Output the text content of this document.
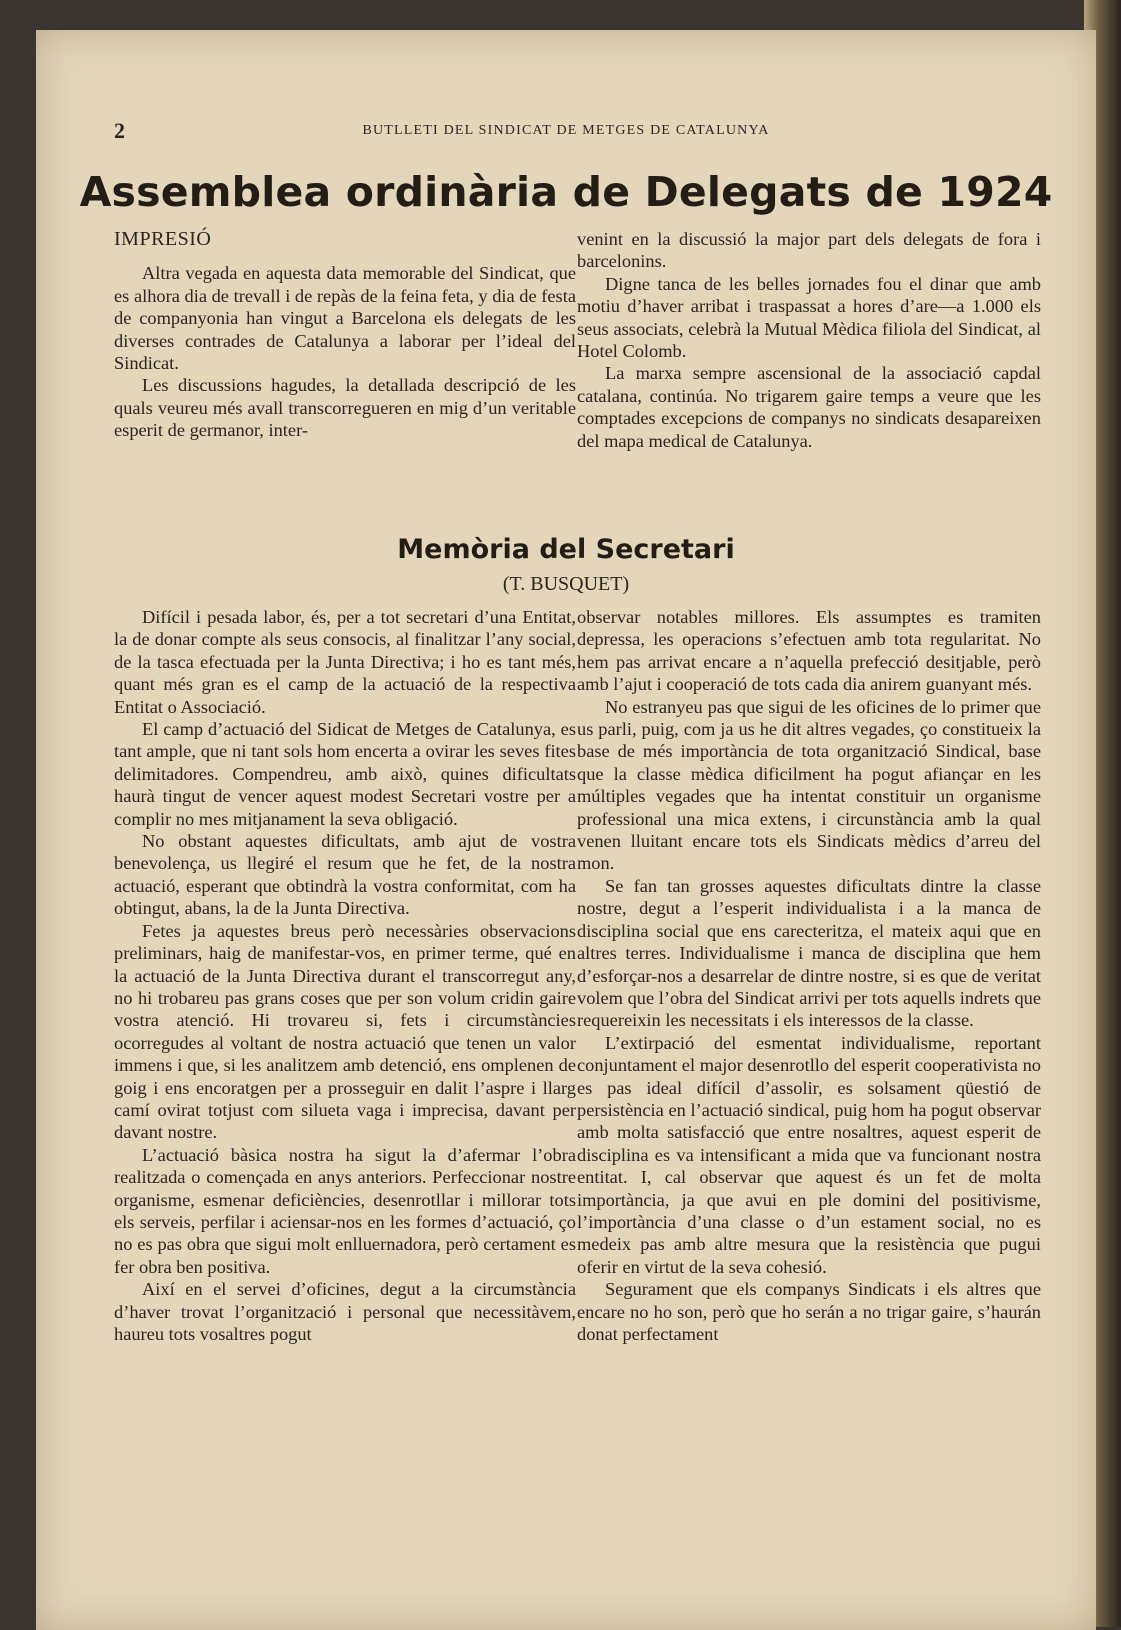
2	BUTLLETI DEL SINDICAT DE METGES DE CATALUNYA
Assemblea ordinària de Delegats de 1924

IMPRESIÓ

Altra vegada en aquesta data memorable del Sindicat, que es alhora dia de trevall i de repàs de la feina feta, y dia de festa de companyonia han vingut a Barcelona els delegats de les diverses contrades de Catalunya a laborar per l’ideal del Sindicat.

Les discussions hagudes, la detallada descripció de les quals veureu més avall transcorregueren en mig d’un veritable esperit de germanor, inter-

venint en la discussió la major part dels delegats de fora i barcelonins.

Digne tanca de les belles jornades fou el dinar que amb motiu d’haver arribat i traspassat a hores d’are—a 1.000 els seus associats, celebrà la Mutual Mèdica filiola del Sindicat, al Hotel Colomb.

La marxa sempre ascensional de la associació capdal catalana, continúa. No trigarem gaire temps a veure que les comptades excepcions de companys no sindicats desapareixen del mapa medical de Catalunya.

Memòria del Secretari
(T. BUSQUET)

Difícil i pesada labor, és, per a tot secretari d’una Entitat, la de donar compte als seus consocis, al finalitzar l’any social, de la tasca efectuada per la Junta Directiva; i ho es tant més, quant més gran es el camp de la actuació de la respectiva Entitat o Associació.

El camp d’actuació del Sidicat de Metges de Catalunya, es tant ample, que ni tant sols hom encerta a ovirar les seves fites delimitadores. Compendreu, amb això, quines dificultats haurà tingut de vencer aquest modest Secretari vostre per a complir no mes mitjanament la seva obligació.

No obstant aquestes dificultats, amb ajut de vostra benevolença, us llegiré el resum que he fet, de la nostra actuació, esperant que obtindrà la vostra conformitat, com ha obtingut, abans, la de la Junta Directiva.

Fetes ja aquestes breus però necessàries observacions preliminars, haig de manifestar-vos, en primer terme, qué en la actuació de la Junta Directiva durant el transcorregut any, no hi trobareu pas grans coses que per son volum cridin gaire vostra atenció. Hi trovareu si, fets i circumstàncies ocorregudes al voltant de nostra actuació que tenen un valor immens i que, si les analitzem amb detenció, ens omplenen de goig i ens encoratgen per a prosseguir en dalit l’aspre i llarg camí ovirat totjust com silueta vaga i imprecisa, davant per davant nostre.

L’actuació bàsica nostra ha sigut la d’afermar l’obra realitzada o començada en anys anteriors. Perfeccionar nostre organisme, esmenar deficiències, desenrotllar i millorar tots els serveis, perfilar i aciensar-nos en les formes d’actuació, ço no es pas obra que sigui molt enlluernadora, però certament es fer obra ben positiva.

Així en el servei d’oficines, degut a la circumstància d’haver trovat l’organització i personal que necessitàvem, haureu tots vosaltres pogut

observar notables millores. Els assumptes es tramiten depressa, les operacions s’efectuen amb tota regularitat. No hem pas arrivat encare a n’aquella prefecció desitjable, però amb l’ajut i cooperació de tots cada dia anirem guanyant més.

No estranyeu pas que sigui de les oficines de lo primer que us parli, puig, com ja us he dit altres vegades, ço constitueix la base de més importància de tota organització Sindical, base que la classe mèdica dificilment ha pogut afiançar en les múltiples vegades que ha intentat constituir un organisme professional una mica extens, i circunstància amb la qual venen lluitant encare tots els Sindicats mèdics d’arreu del mon.

Se fan tan grosses aquestes dificultats dintre la classe nostre, degut a l’esperit individualista i a la manca de disciplina social que ens carecteritza, el mateix aqui que en altres terres. Individualisme i manca de disciplina que hem d’esforçar-nos a desarrelar de dintre nostre, si es que de veritat volem que l’obra del Sindicat arrivi per tots aquells indrets que requereixin les necessitats i els interessos de la classe.

L’extirpació del esmentat individualisme, reportant conjuntament el major desenrotllo del esperit cooperativista no es pas ideal difícil d’assolir, es solsament qüestió de persistència en l’actuació sindical, puig hom ha pogut observar amb molta satisfacció que entre nosaltres, aquest esperit de disciplina es va intensificant a mida que va funcionant nostra entitat. I, cal observar que aquest és un fet de molta importància, ja que avui en ple domini del positivisme, l’importància d’una classe o d’un estament social, no es medeix pas amb altre mesura que la resistència que pugui oferir en virtut de la seva cohesió.

Segurament que els companys Sindicats i els altres que encare no ho son, però que ho serán a no trigar gaire, s’haurán donat perfectament
